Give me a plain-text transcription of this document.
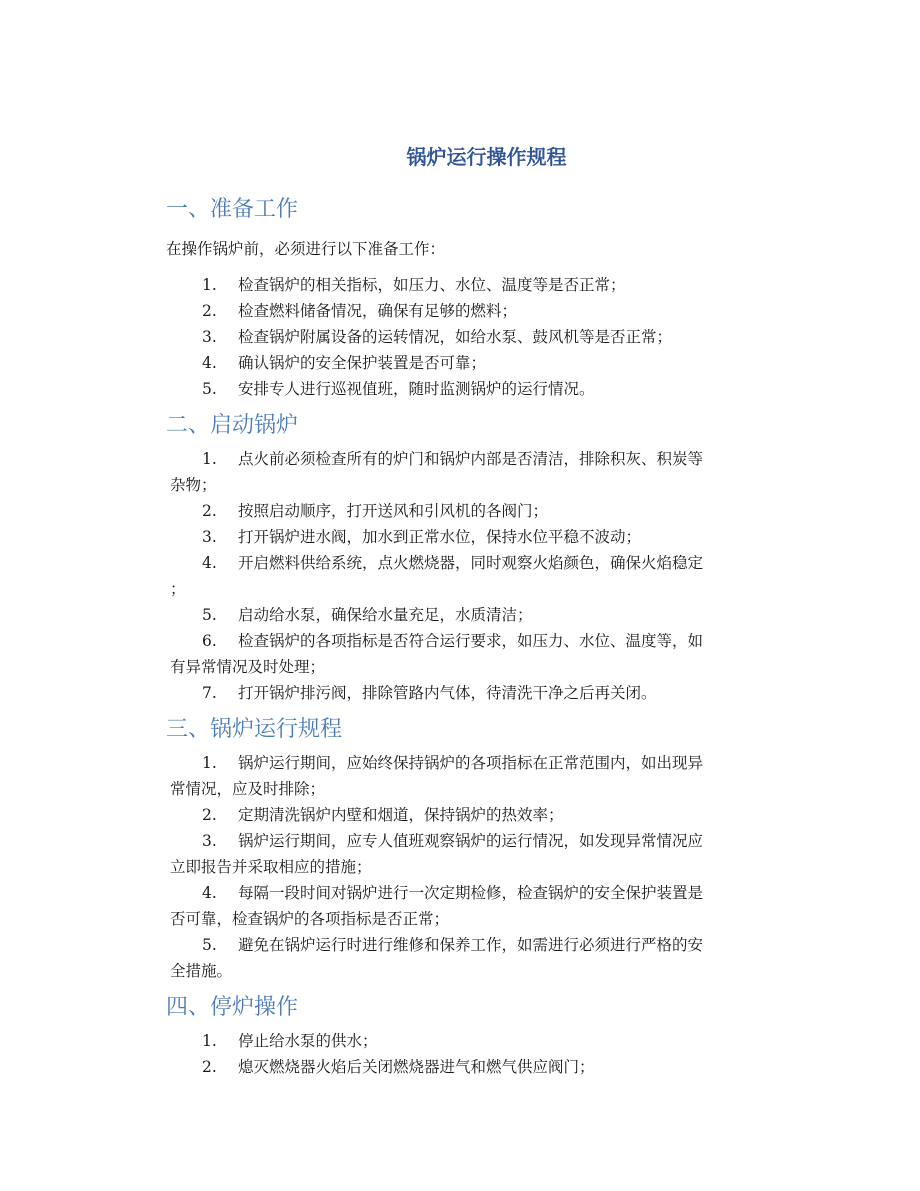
锅炉运行操作规程
一、准备工作

在操作锅炉前，必须进行以下准备工作：

1. 检查锅炉的相关指标，如压力、水位、温度等是否正常；
2. 检查燃料储备情况，确保有足够的燃料；
3. 检查锅炉附属设备的运转情况，如给水泵、鼓风机等是否正常；
4. 确认锅炉的安全保护装置是否可靠；
5. 安排专人进行巡视值班，随时监测锅炉的运行情况。
二、启动锅炉
1. 点火前必须检查所有的炉门和锅炉内部是否清洁，排除积灰、积炭等
杂物；
2. 按照启动顺序，打开送风和引风机的各阀门；
3. 打开锅炉进水阀，加水到正常水位，保持水位平稳不波动；
4. 开启燃料供给系统，点火燃烧器，同时观察火焰颜色，确保火焰稳定
；
5. 启动给水泵，确保给水量充足，水质清洁；
6. 检查锅炉的各项指标是否符合运行要求，如压力、水位、温度等，如
有异常情况及时处理；
7. 打开锅炉排污阀，排除管路内气体，待清洗干净之后再关闭。
三、锅炉运行规程
1. 锅炉运行期间，应始终保持锅炉的各项指标在正常范围内，如出现异
常情况，应及时排除；
2. 定期清洗锅炉内壁和烟道，保持锅炉的热效率；
3. 锅炉运行期间，应专人值班观察锅炉的运行情况，如发现异常情况应
立即报告并采取相应的措施；
4. 每隔一段时间对锅炉进行一次定期检修，检查锅炉的安全保护装置是
否可靠，检查锅炉的各项指标是否正常；
5. 避免在锅炉运行时进行维修和保养工作，如需进行必须进行严格的安
全措施。
四、停炉操作
1. 停止给水泵的供水；
2. 熄灭燃烧器火焰后关闭燃烧器进气和燃气供应阀门；
